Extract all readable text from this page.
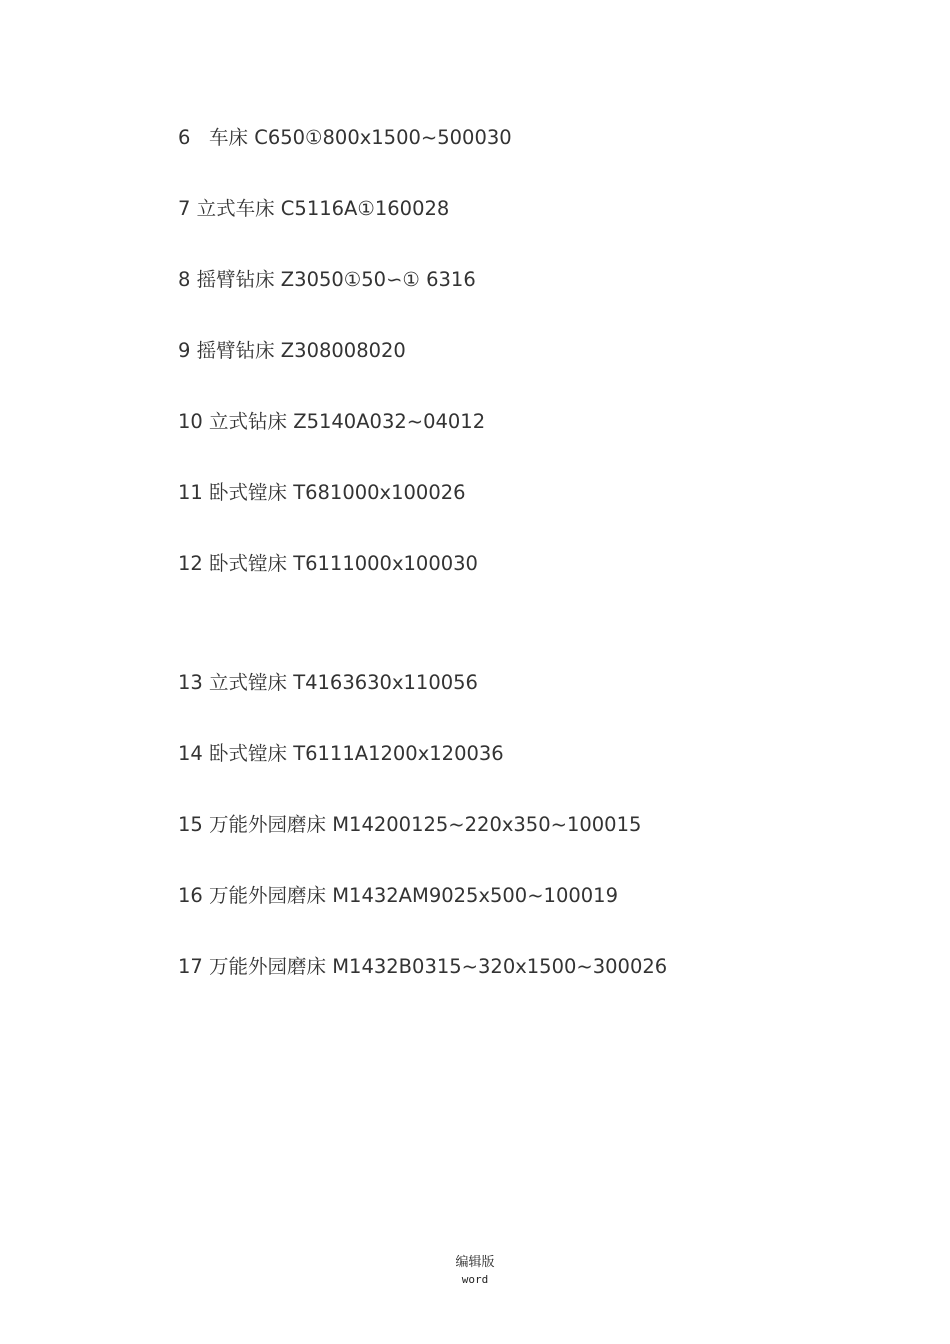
6   车床 C650①800x1500~500030
7 立式车床 C5116A①160028
8 摇臂钻床 Z3050①50∽① 6316
9 摇臂钻床 Z308008020
10 立式钻床 Z5140A032~04012
11 卧式镗床 T681000x100026
12 卧式镗床 T6111000x100030
13 立式镗床 T4163630x110056
14 卧式镗床 T6111A1200x120036
15 万能外园磨床 M14200125~220x350~100015
16 万能外园磨床 M1432AM9025x500~100019
17 万能外园磨床 M1432B0315~320x1500~300026
编辑版
word
